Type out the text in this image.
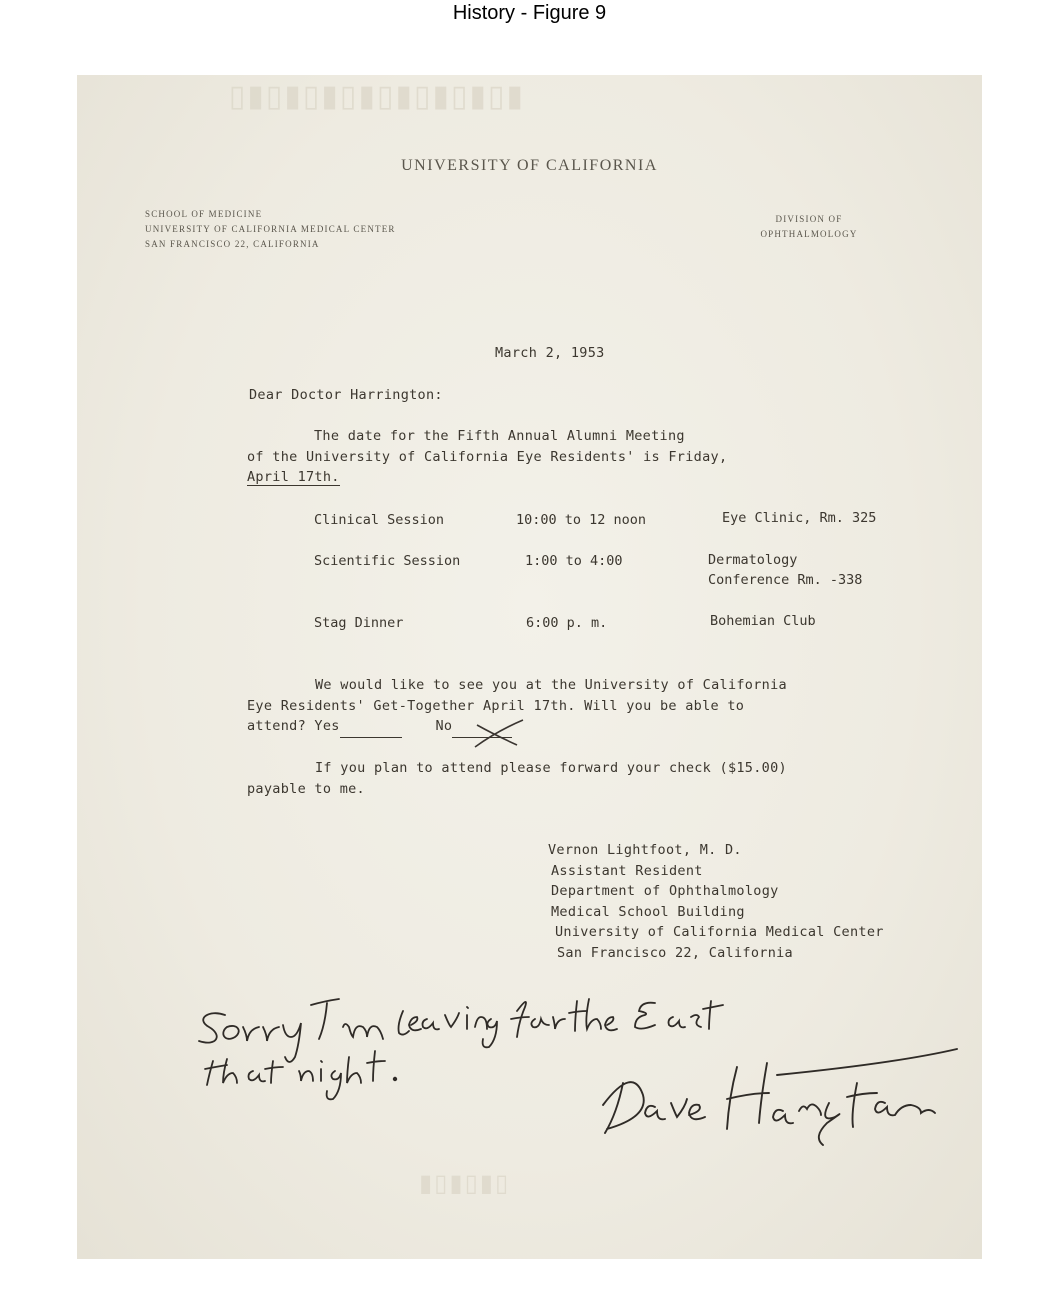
History - Figure 9
▮▯▮▯▮▯▮▯▮▯▮▯▮▯▮▯
▯▮▯▮▯▮
UNIVERSITY OF CALIFORNIA
SCHOOL OF MEDICINE
UNIVERSITY OF CALIFORNIA MEDICAL CENTER
SAN FRANCISCO 22, CALIFORNIA
DIVISION OF
OPHTHALMOLOGY
March 2, 1953
Dear Doctor Harrington:
The date for the Fifth Annual Alumni Meeting
of the University of California Eye Residents' is Friday,
April 17th.
Clinical Session	10:00 to 12 noon	Eye Clinic, Rm. 325
Scientific Session	1:00 to 4:00	Dermatology
Conference Rm. -338
Stag Dinner	6:00 p. m.	Bohemian Club
We would like to see you at the University of California
Eye Residents' Get-Together April 17th. Will you be able to
attend? Yes	No
If you plan to attend please forward your check ($15.00)
payable to me.
Vernon Lightfoot, M. D.
Assistant Resident
Department of Ophthalmology
Medical School Building
University of California Medical Center
San Francisco 22, California
